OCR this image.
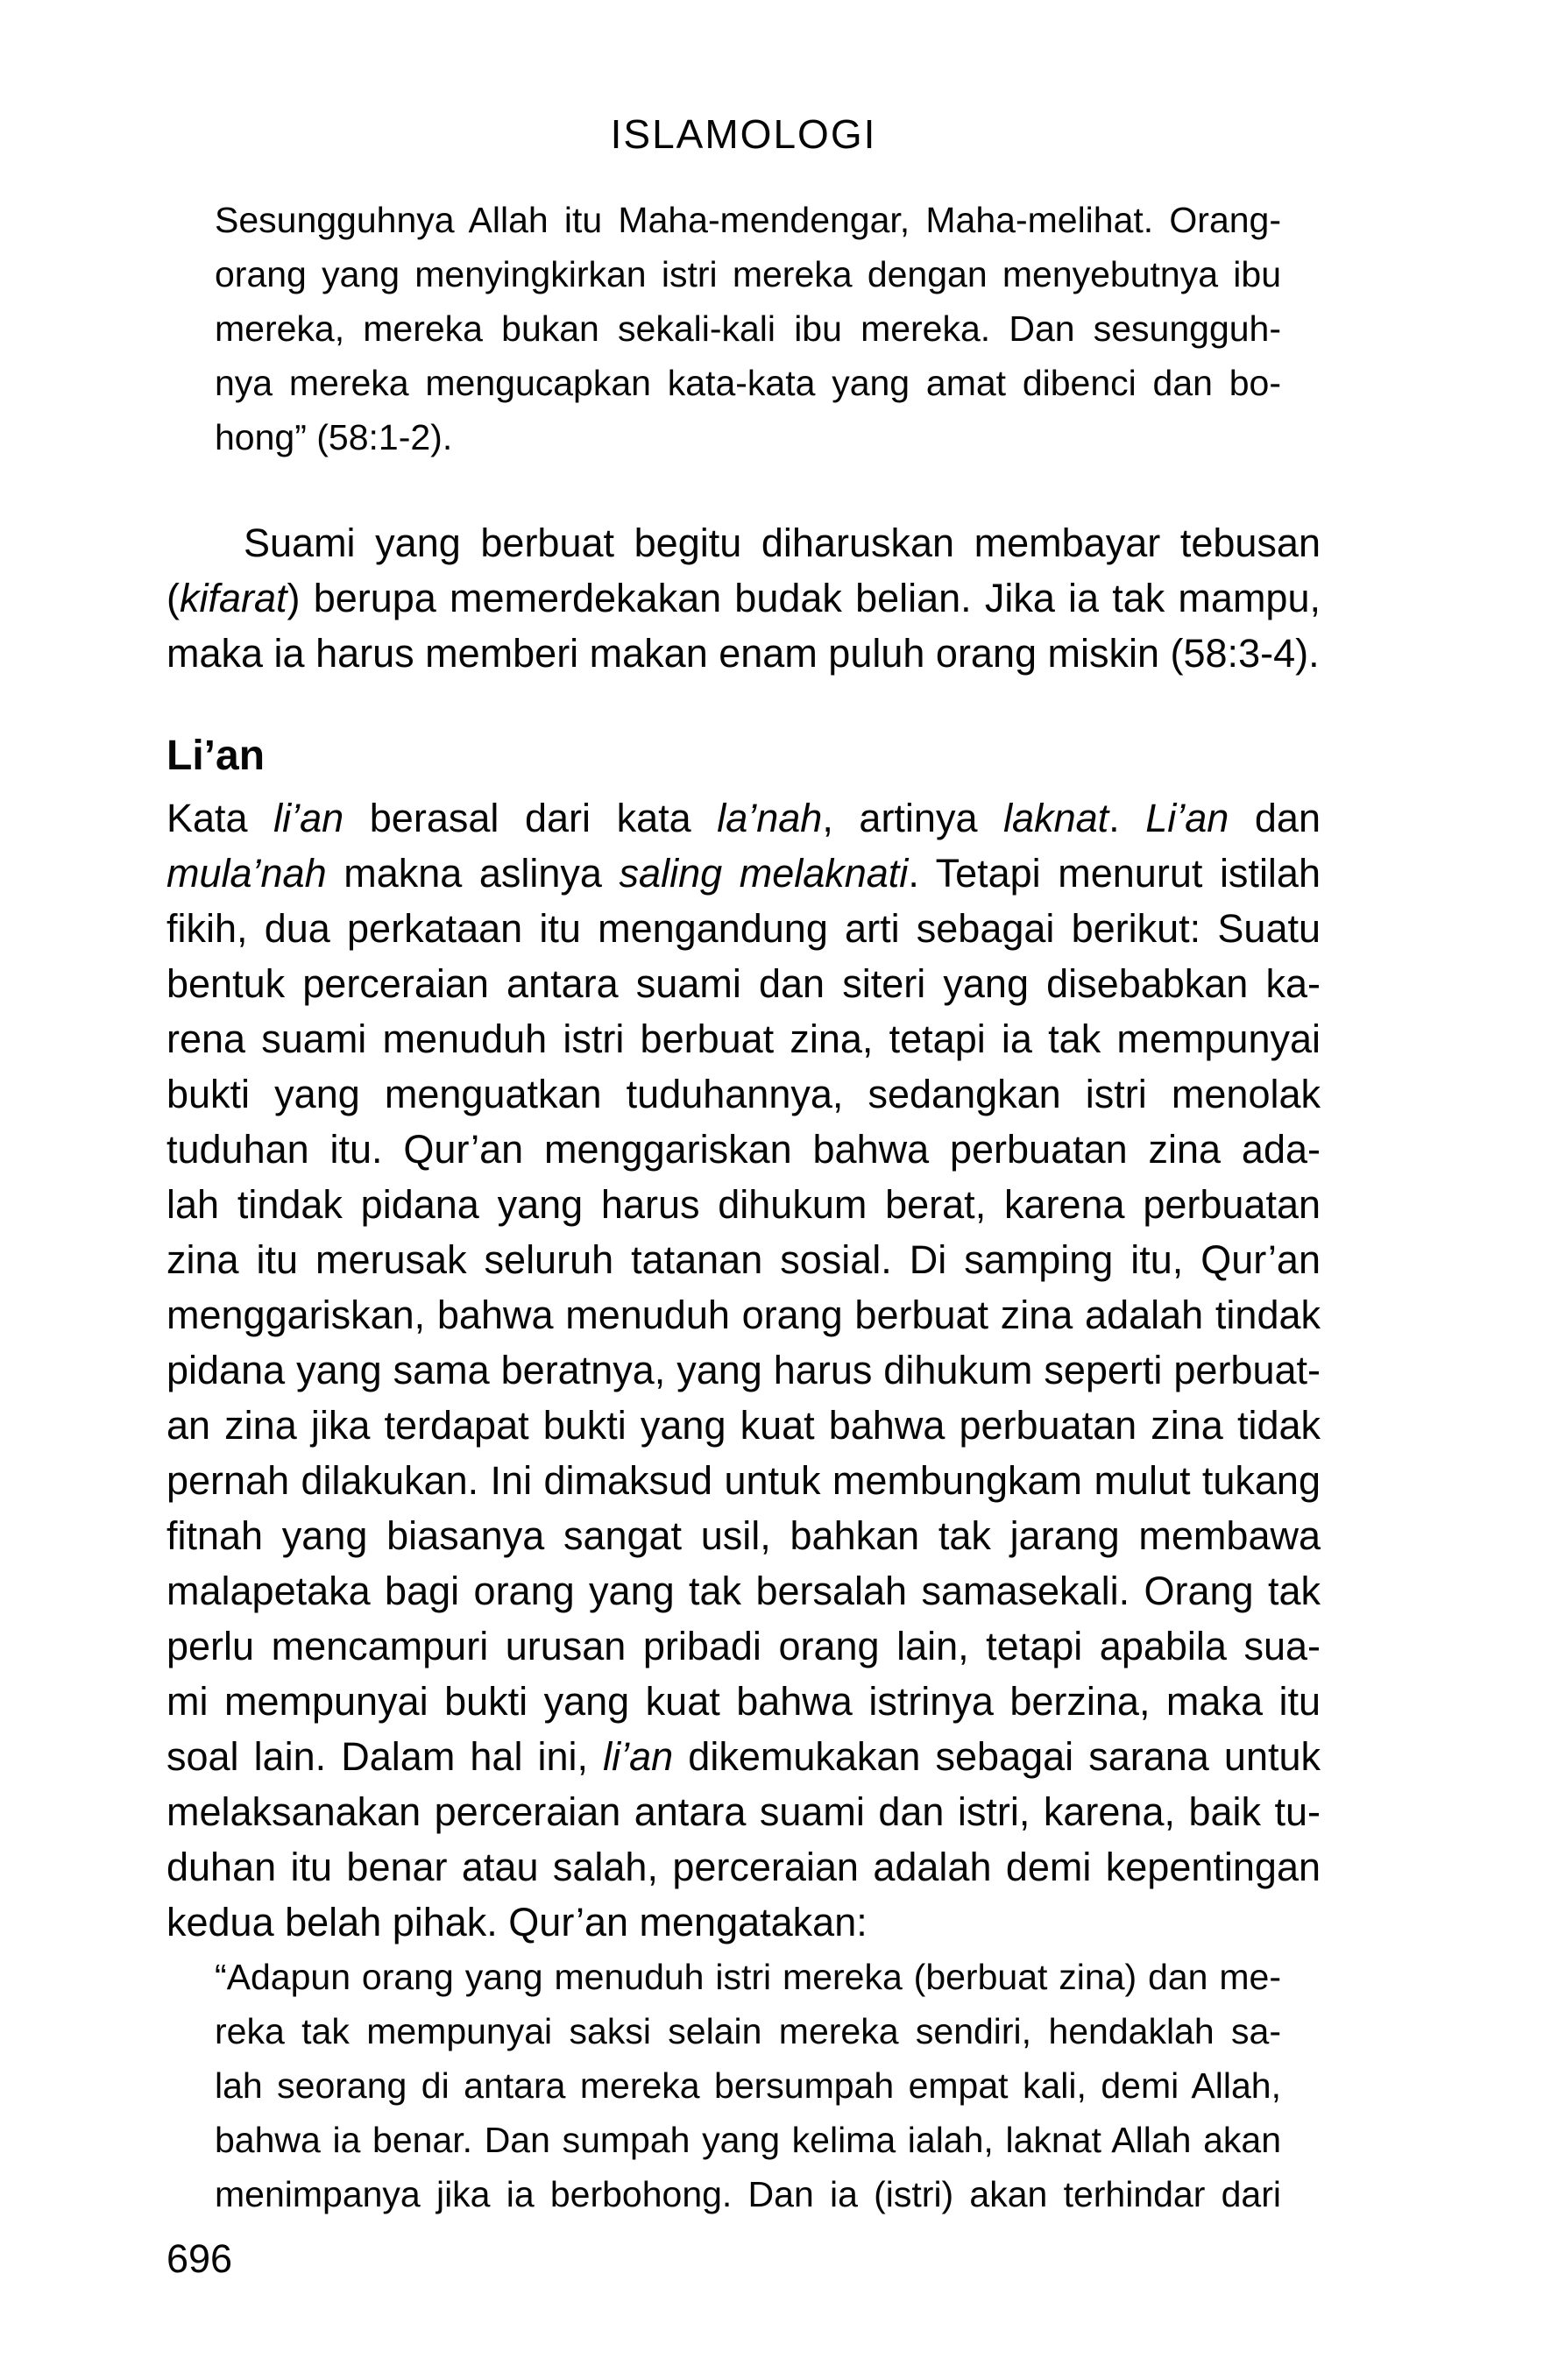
ISLAMOLOGI
Sesungguhnya Allah itu Maha-mendengar, Maha-melihat. Orang-
orang yang menyingkirkan istri mereka dengan menyebutnya ibu
mereka, mereka bukan sekali-kali ibu mereka. Dan sesungguh-
nya mereka mengucapkan kata-kata yang amat dibenci dan bo-
hong” (58:1-2).
Suami yang berbuat begitu diharuskan membayar tebusan
(kifarat) berupa memerdekakan budak belian. Jika ia tak mampu,
maka ia harus memberi makan enam puluh orang miskin (58:3-4).
Li’an
Kata li’an berasal dari kata la’nah, artinya laknat. Li’an dan
mula’nah makna aslinya saling melaknati. Tetapi menurut istilah
fikih, dua perkataan itu mengandung arti sebagai berikut: Suatu
bentuk perceraian antara suami dan siteri yang disebabkan ka-
rena suami menuduh istri berbuat zina, tetapi ia tak mempunyai
bukti yang menguatkan tuduhannya, sedangkan istri menolak
tuduhan itu. Qur’an menggariskan bahwa perbuatan zina ada-
lah tindak pidana yang harus dihukum berat, karena perbuatan
zina itu merusak seluruh tatanan sosial. Di samping itu, Qur’an
menggariskan, bahwa menuduh orang berbuat zina adalah tindak
pidana yang sama beratnya, yang harus dihukum seperti perbuat-
an zina jika terdapat bukti yang kuat bahwa perbuatan zina tidak
pernah dilakukan. Ini dimaksud untuk membungkam mulut tukang
fitnah yang biasanya sangat usil, bahkan tak jarang membawa
malapetaka bagi orang yang tak bersalah samasekali. Orang tak
perlu mencampuri urusan pribadi orang lain, tetapi apabila sua-
mi mempunyai bukti yang kuat bahwa istrinya berzina, maka itu
soal lain. Dalam hal ini, li’an dikemukakan sebagai sarana untuk
melaksanakan perceraian antara suami dan istri, karena, baik tu-
duhan itu benar atau salah, perceraian adalah demi kepentingan
kedua belah pihak. Qur’an mengatakan:
“Adapun orang yang menuduh istri mereka (berbuat zina) dan me-
reka tak mempunyai saksi selain mereka sendiri, hendaklah sa-
lah seorang di antara mereka bersumpah empat kali, demi Allah,
bahwa ia benar. Dan sumpah yang kelima ialah, laknat Allah akan
menimpanya jika ia berbohong. Dan ia (istri) akan terhindar dari
696
